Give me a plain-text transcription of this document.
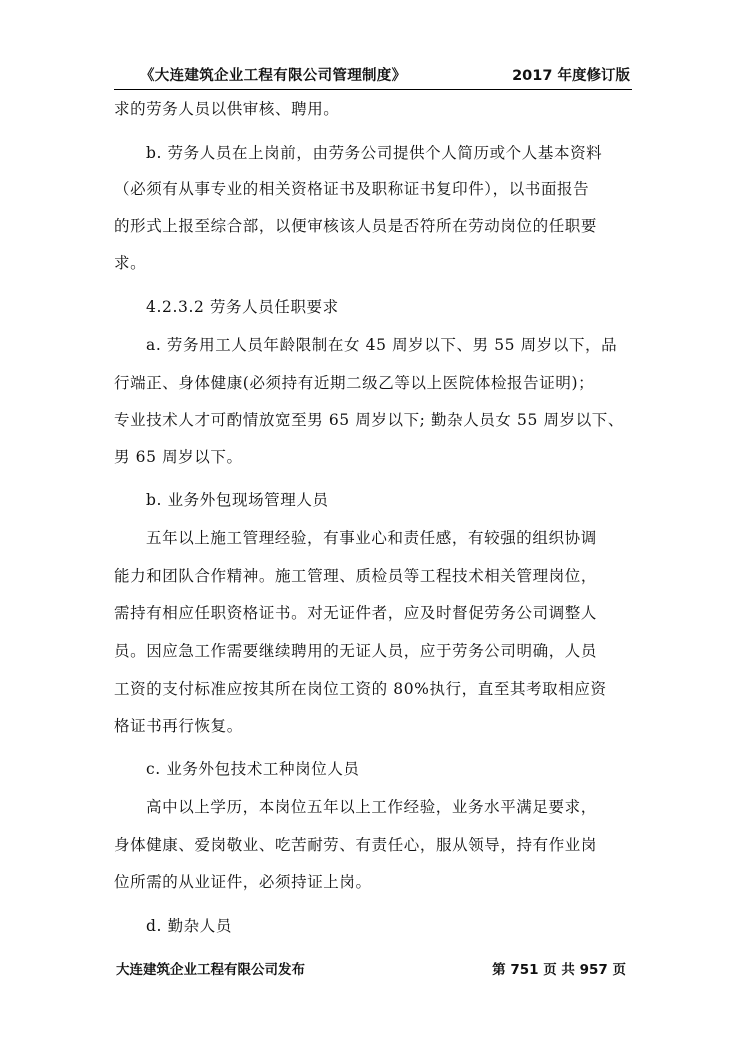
《大连建筑企业工程有限公司管理制度》	2017 年度修订版
求的劳务人员以供审核、聘用。
b. 劳务人员在上岗前，由劳务公司提供个人简历或个人基本资料
（必须有从事专业的相关资格证书及职称证书复印件），以书面报告
的形式上报至综合部，以便审核该人员是否符所在劳动岗位的任职要
求。
4.2.3.2 劳务人员任职要求
a. 劳务用工人员年龄限制在女 45 周岁以下、男 55 周岁以下，品
行端正、身体健康(必须持有近期二级乙等以上医院体检报告证明)；
专业技术人才可酌情放宽至男 65 周岁以下; 勤杂人员女 55 周岁以下、
男 65 周岁以下。
b. 业务外包现场管理人员
五年以上施工管理经验，有事业心和责任感，有较强的组织协调
能力和团队合作精神。施工管理、质检员等工程技术相关管理岗位，
需持有相应任职资格证书。对无证件者，应及时督促劳务公司调整人
员。因应急工作需要继续聘用的无证人员，应于劳务公司明确，人员
工资的支付标准应按其所在岗位工资的 80%执行，直至其考取相应资
格证书再行恢复。
c. 业务外包技术工种岗位人员
高中以上学历，本岗位五年以上工作经验，业务水平满足要求，
身体健康、爱岗敬业、吃苦耐劳、有责任心，服从领导，持有作业岗
位所需的从业证件，必须持证上岗。
d. 勤杂人员
大连建筑企业工程有限公司发布	第 751 页 共 957 页
